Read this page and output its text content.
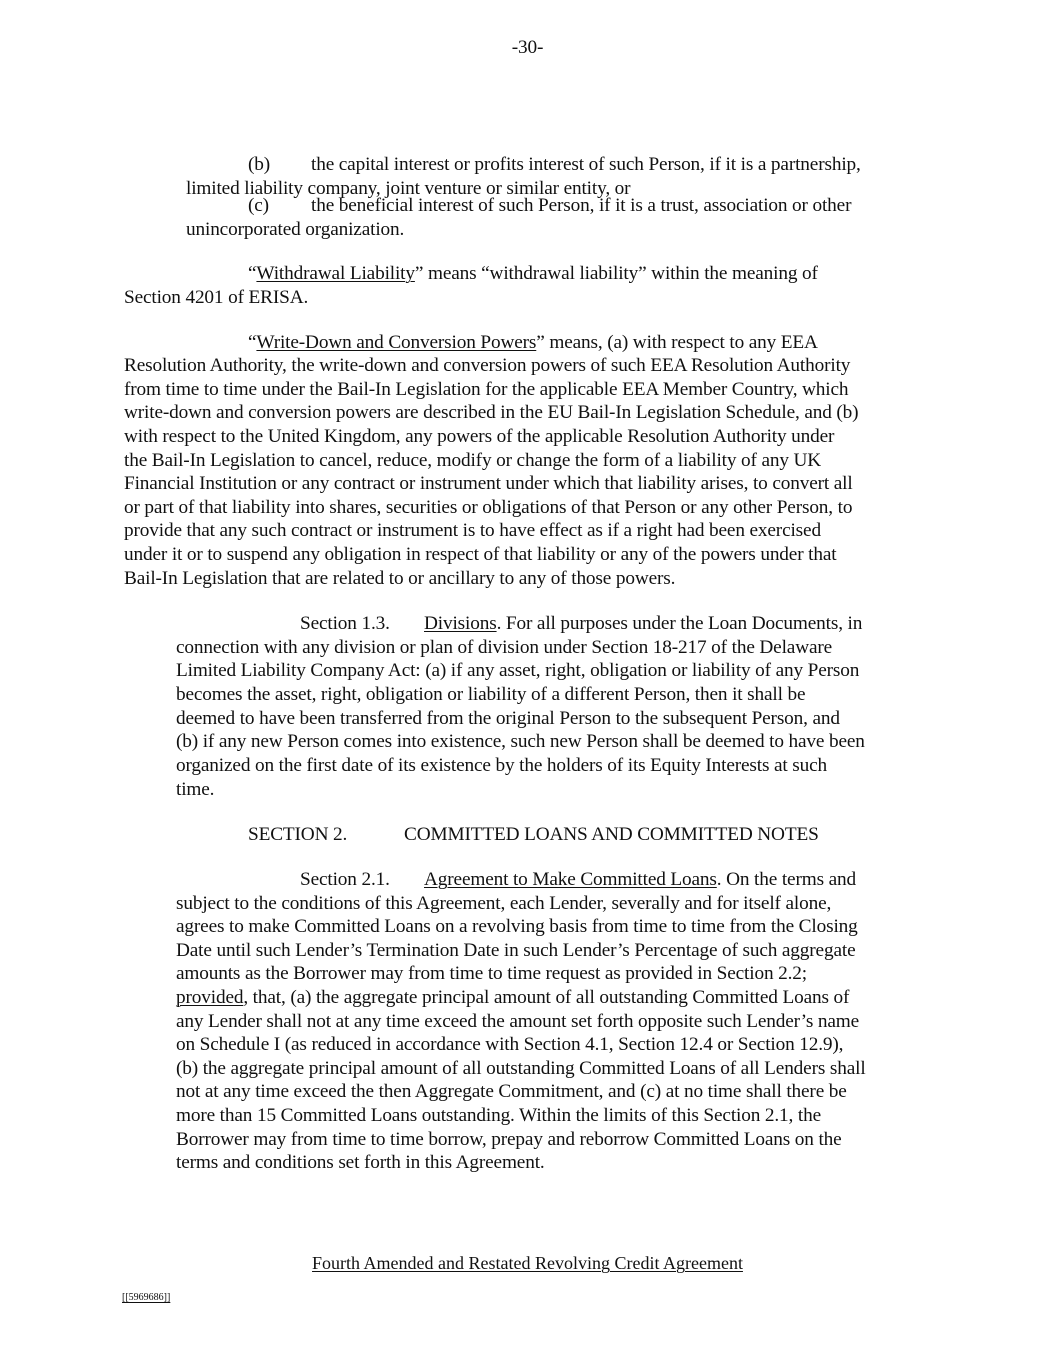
-30-
(b) the capital interest or profits interest of such Person, if it is a partnership,
limited liability company, joint venture or similar entity, or
(c) the beneficial interest of such Person, if it is a trust, association or other
unincorporated organization.
“Withdrawal Liability” means “withdrawal liability” within the meaning of
Section 4201 of ERISA.
“Write-Down and Conversion Powers” means, (a) with respect to any EEA
Resolution Authority, the write-down and conversion powers of such EEA Resolution Authority
from time to time under the Bail-In Legislation for the applicable EEA Member Country, which
write-down and conversion powers are described in the EU Bail-In Legislation Schedule, and (b)
with respect to the United Kingdom, any powers of the applicable Resolution Authority under
the Bail-In Legislation to cancel, reduce, modify or change the form of a liability of any UK
Financial Institution or any contract or instrument under which that liability arises, to convert all
or part of that liability into shares, securities or obligations of that Person or any other Person, to
provide that any such contract or instrument is to have effect as if a right had been exercised
under it or to suspend any obligation in respect of that liability or any of the powers under that
Bail-In Legislation that are related to or ancillary to any of those powers.
Section 1.3. Divisions. For all purposes under the Loan Documents, in
connection with any division or plan of division under Section 18-217 of the Delaware
Limited Liability Company Act: (a) if any asset, right, obligation or liability of any Person
becomes the asset, right, obligation or liability of a different Person, then it shall be
deemed to have been transferred from the original Person to the subsequent Person, and
(b) if any new Person comes into existence, such new Person shall be deemed to have been
organized on the first date of its existence by the holders of its Equity Interests at such
time.
SECTION 2.	COMMITTED LOANS AND COMMITTED NOTES
Section 2.1. Agreement to Make Committed Loans. On the terms and
subject to the conditions of this Agreement, each Lender, severally and for itself alone,
agrees to make Committed Loans on a revolving basis from time to time from the Closing
Date until such Lender’s Termination Date in such Lender’s Percentage of such aggregate
amounts as the Borrower may from time to time request as provided in Section 2.2;
provided, that, (a) the aggregate principal amount of all outstanding Committed Loans of
any Lender shall not at any time exceed the amount set forth opposite such Lender’s name
on Schedule I (as reduced in accordance with Section 4.1, Section 12.4 or Section 12.9),
(b) the aggregate principal amount of all outstanding Committed Loans of all Lenders shall
not at any time exceed the then Aggregate Commitment, and (c) at no time shall there be
more than 15 Committed Loans outstanding. Within the limits of this Section 2.1, the
Borrower may from time to time borrow, prepay and reborrow Committed Loans on the
terms and conditions set forth in this Agreement.
Fourth Amended and Restated Revolving Credit Agreement
[[5969686]]
